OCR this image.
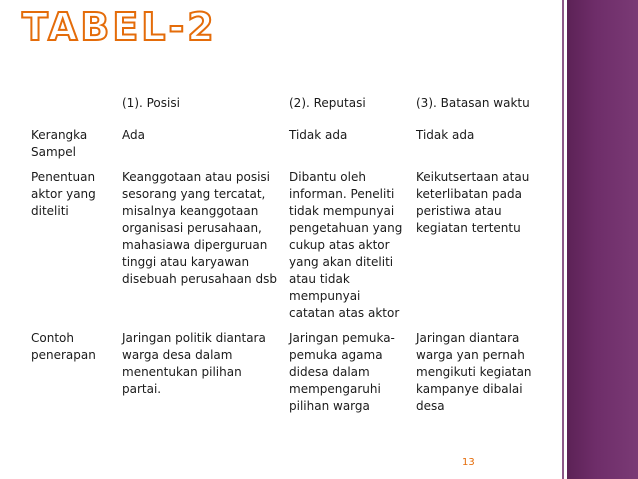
TABEL-2
	(1). Posisi	(2). Reputasi	(3). Batasan waktu
Kerangka Sampel	Ada	Tidak ada	Tidak ada
Penentuan aktor yang diteliti	Keanggotaan atau posisi sesorang yang tercatat, misalnya keanggotaan organisasi perusahaan, mahasiawa diperguruan tinggi atau karyawan disebuah perusahaan dsb	Dibantu oleh informan. Peneliti tidak mempunyai pengetahuan yang cukup atas aktor yang akan diteliti atau tidak mempunyai catatan atas aktor	Keikutsertaan atau keterlibatan pada peristiwa atau kegiatan tertentu
Contoh penerapan	Jaringan politik diantara warga desa dalam menentukan pilihan partai.	Jaringan pemuka-pemuka agama didesa dalam mempengaruhi pilihan warga	Jaringan diantara warga yan pernah mengikuti kegiatan kampanye dibalai desa
13
